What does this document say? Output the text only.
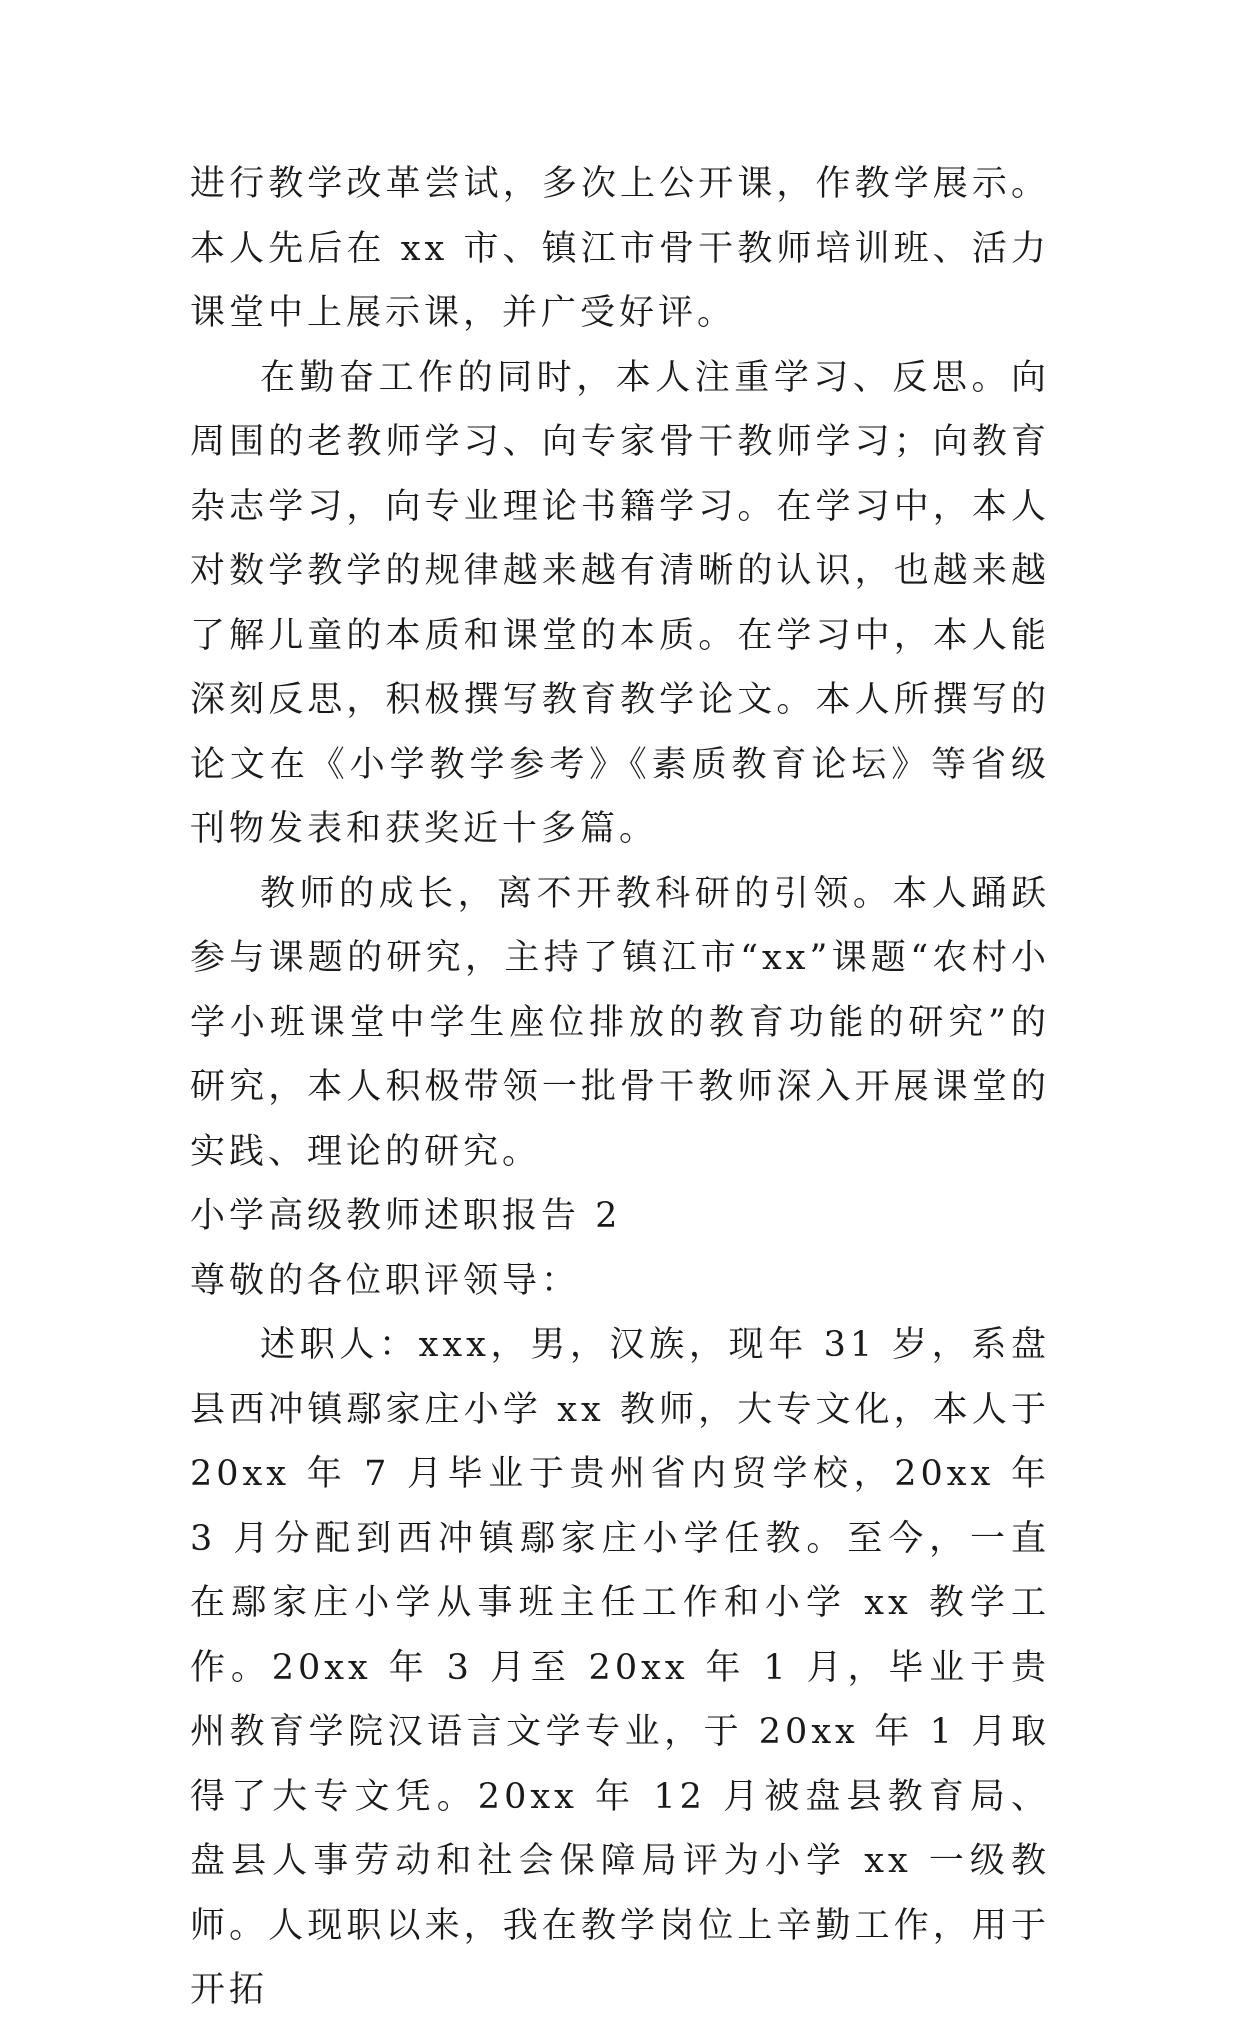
进行教学改革尝试，多次上公开课，作教学展示。本人先后在 xx 市、镇江市骨干教师培训班、活力课堂中上展示课，并广受好评。

在勤奋工作的同时，本人注重学习、反思。向周围的老教师学习、向专家骨干教师学习；向教育杂志学习，向专业理论书籍学习。在学习中，本人对数学教学的规律越来越有清晰的认识，也越来越了解儿童的本质和课堂的本质。在学习中，本人能深刻反思，积极撰写教育教学论文。本人所撰写的论文在《小学教学参考》《素质教育论坛》等省级刊物发表和获奖近十多篇。

教师的成长，离不开教科研的引领。本人踊跃参与课题的研究，主持了镇江市“xx”课题“农村小学小班课堂中学生座位排放的教育功能的研究”的研究，本人积极带领一批骨干教师深入开展课堂的实践、理论的研究。

小学高级教师述职报告 2

尊敬的各位职评领导：

述职人：xxx，男，汉族，现年 31 岁，系盘县西冲镇鄢家庄小学 xx 教师，大专文化，本人于 20xx 年 7 月毕业于贵州省内贸学校，20xx 年 3 月分配到西冲镇鄢家庄小学任教。至今，一直在鄢家庄小学从事班主任工作和小学 xx 教学工作。20xx 年 3 月至 20xx 年 1 月，毕业于贵州教育学院汉语言文学专业，于 20xx 年 1 月取得了大专文凭。20xx 年 12 月被盘县教育局、盘县人事劳动和社会保障局评为小学 xx 一级教师。人现职以来，我在教学岗位上辛勤工作，用于开拓
